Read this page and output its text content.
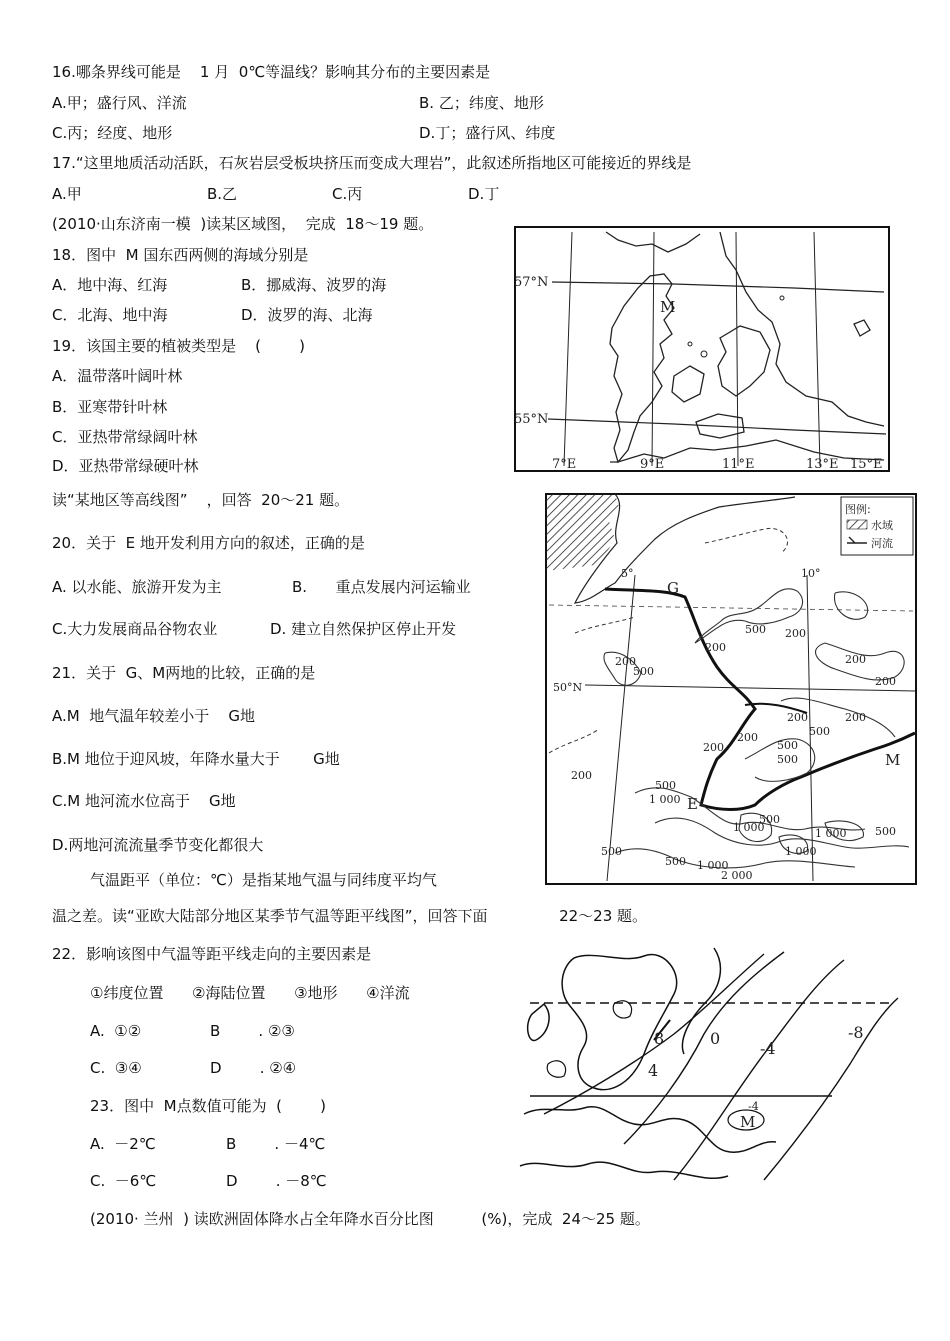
16.哪条界线可能是    1 月  0℃等温线？影响其分布的主要因素是
A.甲；盛行风、洋流	B. 乙；纬度、地形
C.丙；经度、地形	D.丁；盛行风、纬度
17.“这里地质活动活跃，石灰岩层受板块挤压而变成大理岩”，此叙述所指地区可能接近的界线是
A.甲	B.乙	C.丙	D.丁
(2010·山东济南一模  )读某区域图，  完成  18～19 题。
18．图中  M 国东西两侧的海域分别是
A．地中海、红海	B．挪威海、波罗的海
C．北海、地中海	D．波罗的海、北海
19．该国主要的植被类型是    (        )
A．温带落叶阔叶林
B．亚寒带针叶林
C．亚热带常绿阔叶林
D．亚热带常绿硬叶林
读“某地区等高线图”    ，回答  20～21 题。
20．关于  E 地开发利用方向的叙述，正确的是
A. 以水能、旅游开发为主	B.      重点发展内河运输业
C.大力发展商品谷物农业	D. 建立自然保护区停止开发
21．关于  G、M两地的比较，正确的是
A.M  地气温年较差小于    G地
B.M 地位于迎风坡，年降水量大于       G地
C.M 地河流水位高于    G地
D.两地河流流量季节变化都很大
气温距平（单位：℃）是指某地气温与同纬度平均气
温之差。读“亚欧大陆部分地区某季节气温等距平线图”，回答下面               22～23 题。
22．影响该图中气温等距平线走向的主要因素是
①纬度位置      ②海陆位置      ③地形      ④洋流
A.  ①②	B        . ②③
C.  ③④	D        . ②④
23．图中  M点数值可能为  (        )
A.  －2℃	B        . －4℃
C.  －6℃	D        . －8℃
(2010· 兰州  ) 读欧洲固体降水占全年降水百分比图          (%)，完成  24～25 题。
57°N
55°N
7°E	9°E	11°E	13°E 15°E
M
图例:
水域
河流
5°	10°
50°N
G
M
E
200
500
200
200
500
200
200
200	200
500
200	500
500
200
200
500
1 000
500
1 000	1 000
1 000
500
2 000
500
500
1 000
8	0
4
-4
-8
M
-4
